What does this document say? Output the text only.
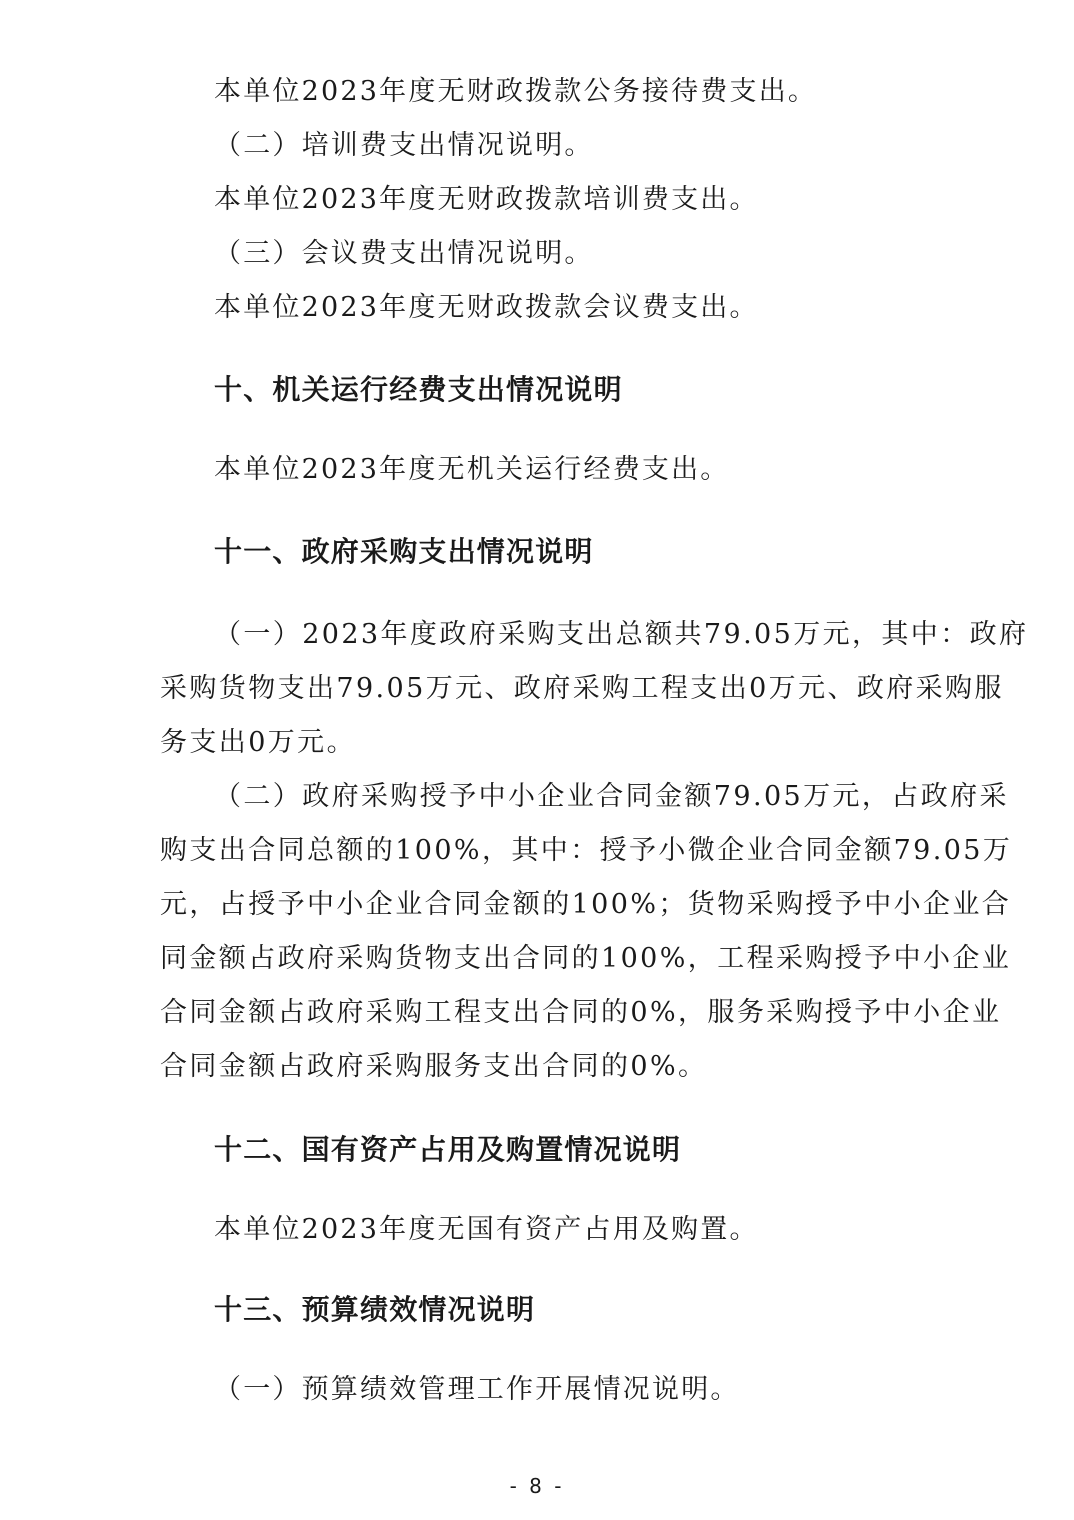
本单位2023年度无财政拨款公务接待费支出。
（二）培训费支出情况说明。
本单位2023年度无财政拨款培训费支出。
（三）会议费支出情况说明。
本单位2023年度无财政拨款会议费支出。
十、机关运行经费支出情况说明
本单位2023年度无机关运行经费支出。
十一、政府采购支出情况说明
（一）2023年度政府采购支出总额共79.05万元，其中：政府
采购货物支出79.05万元、政府采购工程支出0万元、政府采购服
务支出0万元。
（二）政府采购授予中小企业合同金额79.05万元，占政府采
购支出合同总额的100%，其中：授予小微企业合同金额79.05万
元，占授予中小企业合同金额的100%；货物采购授予中小企业合
同金额占政府采购货物支出合同的100%，工程采购授予中小企业
合同金额占政府采购工程支出合同的0%，服务采购授予中小企业
合同金额占政府采购服务支出合同的0%。
十二、国有资产占用及购置情况说明
本单位2023年度无国有资产占用及购置。
十三、预算绩效情况说明
（一）预算绩效管理工作开展情况说明。
- 8 -
